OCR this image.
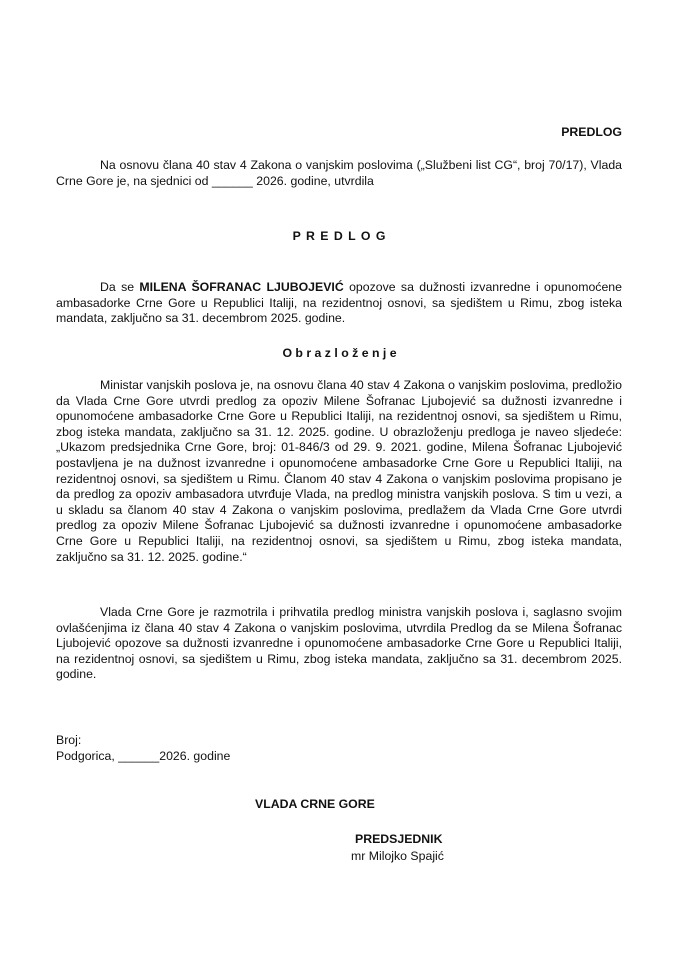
PREDLOG
Na osnovu člana 40 stav 4 Zakona o vanjskim poslovima („Službeni list CG“, broj 70/17), Vlada Crne Gore je, na sjednici od ______ 2026. godine, utvrdila
P R E D L O G
Da se MILENA ŠOFRANAC LJUBOJEVIĆ opozove sa dužnosti izvanredne i opunomoćene ambasadorke Crne Gore u Republici Italiji, na rezidentnoj osnovi, sa sjedištem u Rimu, zbog isteka mandata, zaključno sa 31. decembrom 2025. godine.
O b r a z l o ž e n j e
Ministar vanjskih poslova je, na osnovu člana 40 stav 4 Zakona o vanjskim poslovima, predložio da Vlada Crne Gore utvrdi predlog za opoziv Milene Šofranac Ljubojević sa dužnosti izvanredne i opunomoćene ambasadorke Crne Gore u Republici Italiji, na rezidentnoj osnovi, sa sjedištem u Rimu, zbog isteka mandata, zaključno sa 31. 12. 2025. godine. U obrazloženju predloga je naveo sljedeće: „Ukazom predsjednika Crne Gore, broj: 01-846/3 od 29. 9. 2021. godine, Milena Šofranac Ljubojević postavljena je na dužnost izvanredne i opunomoćene ambasadorke Crne Gore u Republici Italiji, na rezidentnoj osnovi, sa sjedištem u Rimu. Članom 40 stav 4 Zakona o vanjskim poslovima propisano je da predlog za opoziv ambasadora utvrđuje Vlada, na predlog ministra vanjskih poslova. S tim u vezi, a u skladu sa članom 40 stav 4 Zakona o vanjskim poslovima, predlažem da Vlada Crne Gore utvrdi predlog za opoziv Milene Šofranac Ljubojević sa dužnosti izvanredne i opunomoćene ambasadorke Crne Gore u Republici Italiji, na rezidentnoj osnovi, sa sjedištem u Rimu, zbog isteka mandata, zaključno sa 31. 12. 2025. godine.“
Vlada Crne Gore je razmotrila i prihvatila predlog ministra vanjskih poslova i, saglasno svojim ovlašćenjima iz člana 40 stav 4 Zakona o vanjskim poslovima, utvrdila Predlog da se Milena Šofranac Ljubojević opozove sa dužnosti izvanredne i opunomoćene ambasadorke Crne Gore u Republici Italiji, na rezidentnoj osnovi, sa sjedištem u Rimu, zbog isteka mandata, zaključno sa 31. decembrom 2025. godine.
Broj:
Podgorica, ______2026. godine
VLADA CRNE GORE
PREDSJEDNIK
mr Milojko Spajić
